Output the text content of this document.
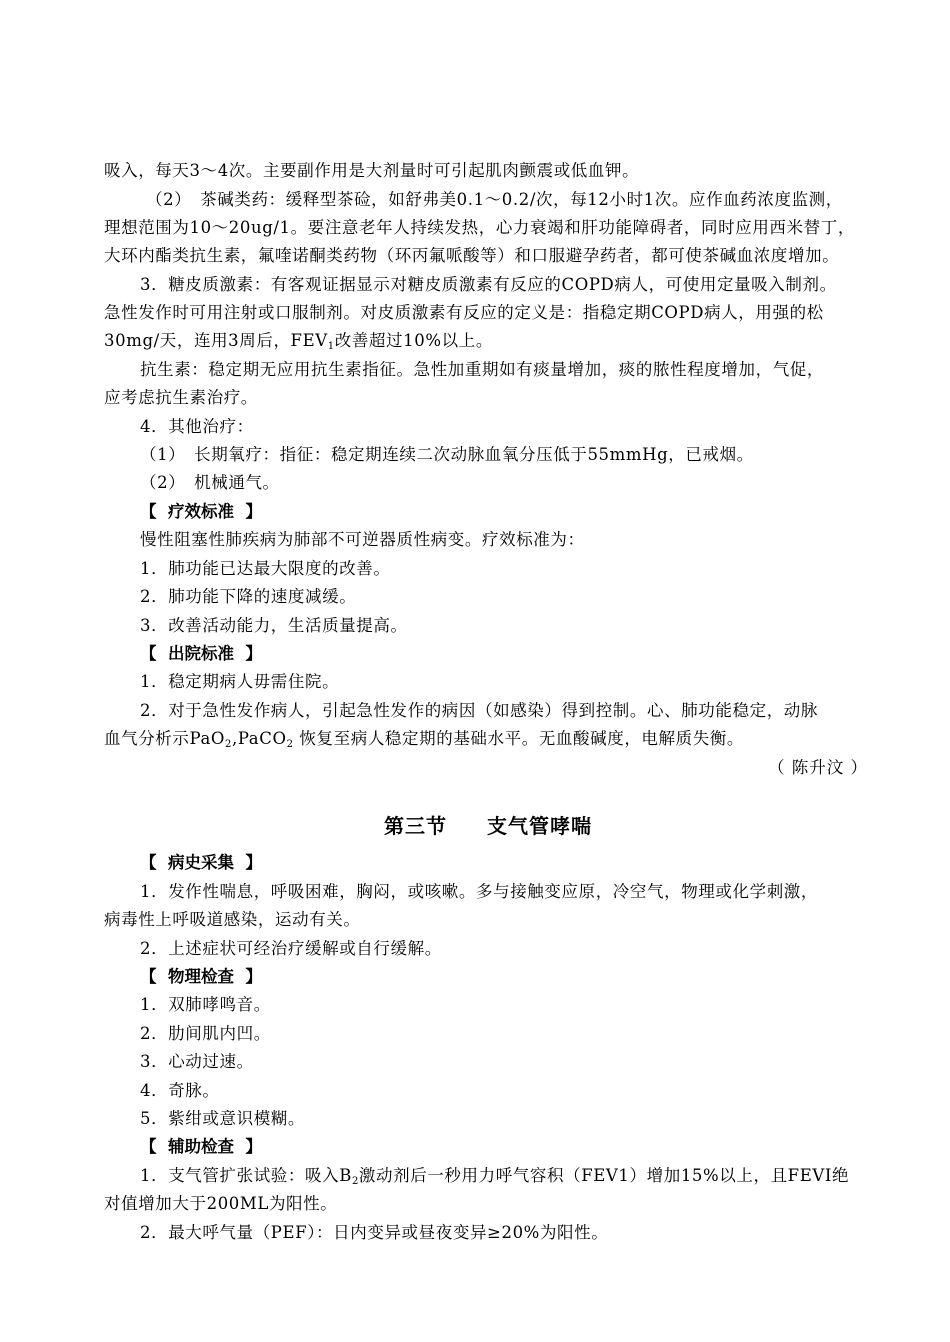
吸入，每天3～4次。主要副作用是大剂量时可引起肌肉颤震或低血钾。
（2）　茶碱类药：缓释型茶硷，如舒弗美0.1～0.2/次，每12小时1次。应作血药浓度监测，
理想范围为10～20ug/1。要注意老年人持续发热，心力衰竭和肝功能障碍者，同时应用西米替丁，
大环内酯类抗生素，氟喹诺酮类药物（环丙氟哌酸等）和口服避孕药者，都可使茶碱血浓度增加。
3．糖皮质激素：有客观证据显示对糖皮质激素有反应的COPD病人，可使用定量吸入制剂。
急性发作时可用注射或口服制剂。对皮质激素有反应的定义是：指稳定期COPD病人，用强的松
30mg/天，连用3周后，$FEV_1$改善超过10%以上。
抗生素：稳定期无应用抗生素指征。急性加重期如有痰量增加，痰的脓性程度增加，气促，
应考虑抗生素治疗。
4．其他治疗：
（1）　长期氧疗：指征：稳定期连续二次动脉血氧分压低于55mmHg，已戒烟。
（2）　机械通气。
【 疗效标准 】
慢性阻塞性肺疾病为肺部不可逆器质性病变。疗效标准为：
1．肺功能已达最大限度的改善。
2．肺功能下降的速度减缓。
3．改善活动能力，生活质量提高。
【 出院标准 】
1．稳定期病人毋需住院。
2．对于急性发作病人，引起急性发作的病因（如感染）得到控制。心、肺功能稳定，动脉
血气分析示PaO$_2$,PaCO$_2$ 恢复至病人稳定期的基础水平。无血酸碱度，电解质失衡。
（ 陈升汶 ）
第三节 支气管哮喘
【 病史采集 】
1．发作性喘息，呼吸困难，胸闷，或咳嗽。多与接触变应原，冷空气，物理或化学刺激，
病毒性上呼吸道感染，运动有关。
2．上述症状可经治疗缓解或自行缓解。
【 物理检查 】
1．双肺哮鸣音。
2．肋间肌内凹。
3．心动过速。
4．奇脉。
5．紫绀或意识模糊。
【 辅助检查 】
1．支气管扩张试验：吸入$B_2$激动剂后一秒用力呼气容积（FEV1）增加15%以上，且FEVI绝
对值增加大于200ML为阳性。
2．最大呼气量（PEF）：日内变异或昼夜变异≥20%为阳性。
